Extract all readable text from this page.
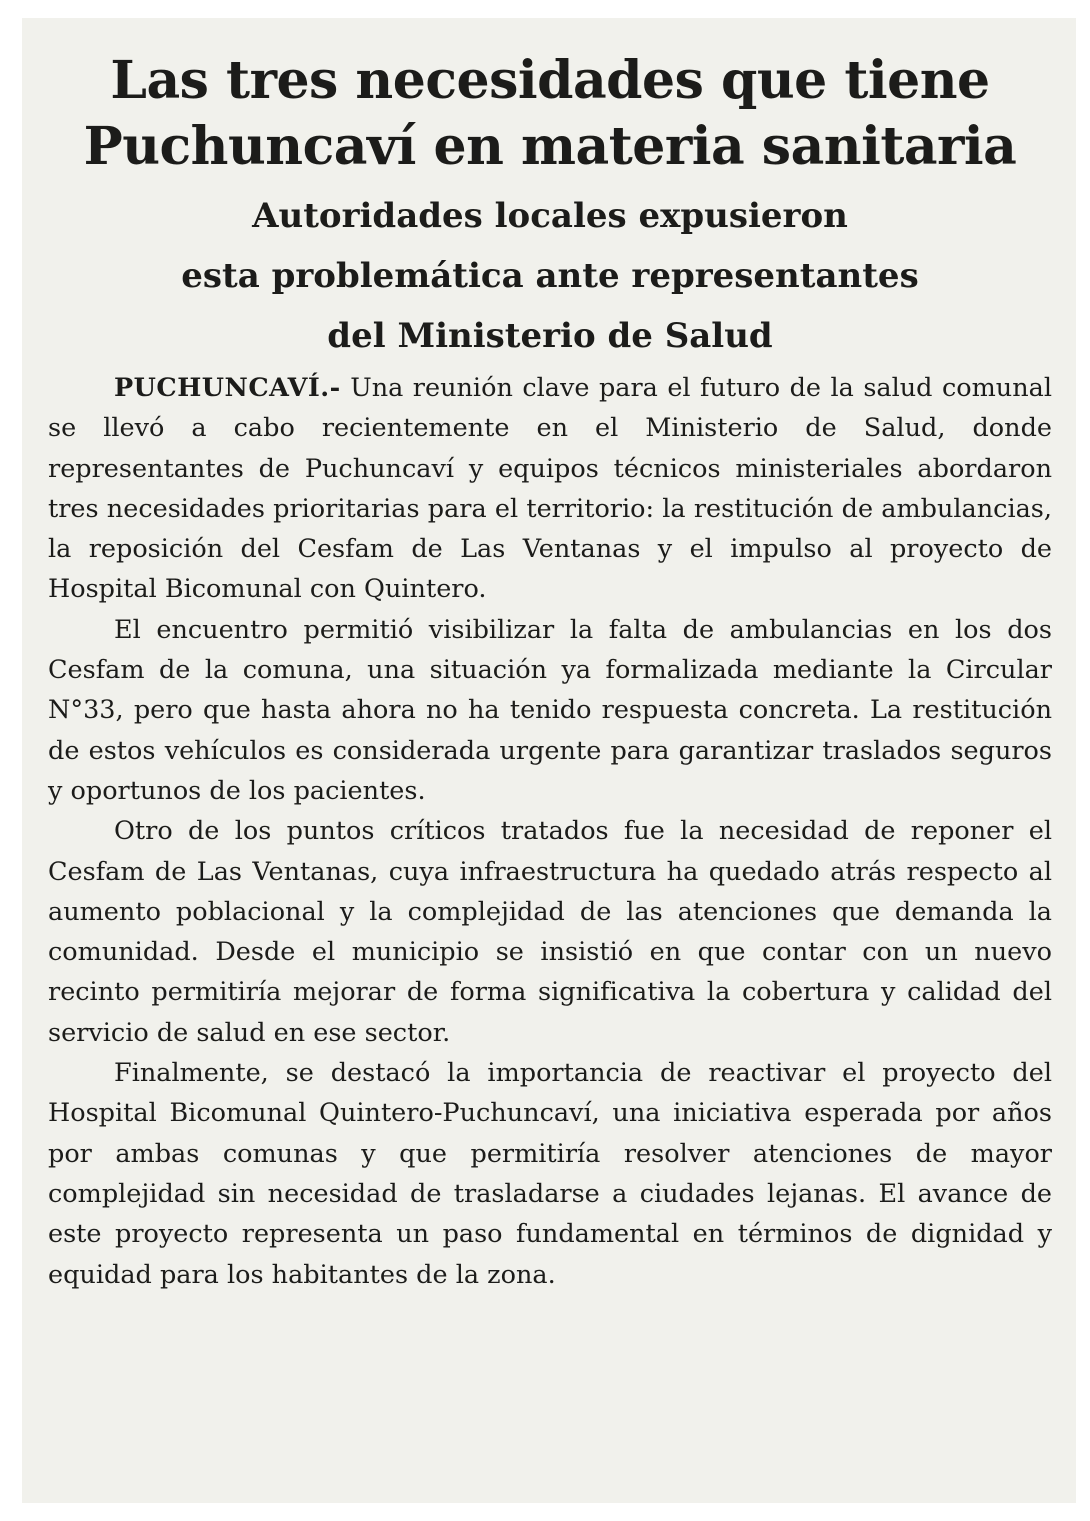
Las tres necesidades que tiene
Puchuncaví en materia sanitaria
Autoridades locales expusieron
esta problemática ante representantes
del Ministerio de Salud

PUCHUNCAVÍ.- Una reunión clave para el futuro de la salud comunal se llevó a cabo recientemente en el Ministerio de Salud, donde representantes de Puchuncaví y equipos técnicos ministeriales abordaron tres necesidades prioritarias para el territorio: la restitución de ambulancias, la reposición del Cesfam de Las Ventanas y el impulso al proyecto de Hospital Bicomunal con Quintero.

El encuentro permitió visibilizar la falta de ambulancias en los dos Cesfam de la comuna, una situación ya formalizada mediante la Circular N°33, pero que hasta ahora no ha tenido respuesta concreta. La restitución de estos vehículos es considerada urgente para garantizar traslados seguros y oportunos de los pacientes.

Otro de los puntos críticos tratados fue la necesidad de reponer el Cesfam de Las Ventanas, cuya infraestructura ha quedado atrás respecto al aumento poblacional y la complejidad de las atenciones que demanda la comunidad. Desde el municipio se insistió en que contar con un nuevo recinto permitiría mejorar de forma significativa la cobertura y calidad del servicio de salud en ese sector.

Finalmente, se destacó la importancia de reactivar el proyecto del Hospital Bicomunal Quintero-Puchuncaví, una iniciativa esperada por años por ambas comunas y que permitiría resolver atenciones de mayor complejidad sin necesidad de trasladarse a ciudades lejanas. El avance de este proyecto representa un paso fundamental en términos de dignidad y equidad para los habitantes de la zona.
